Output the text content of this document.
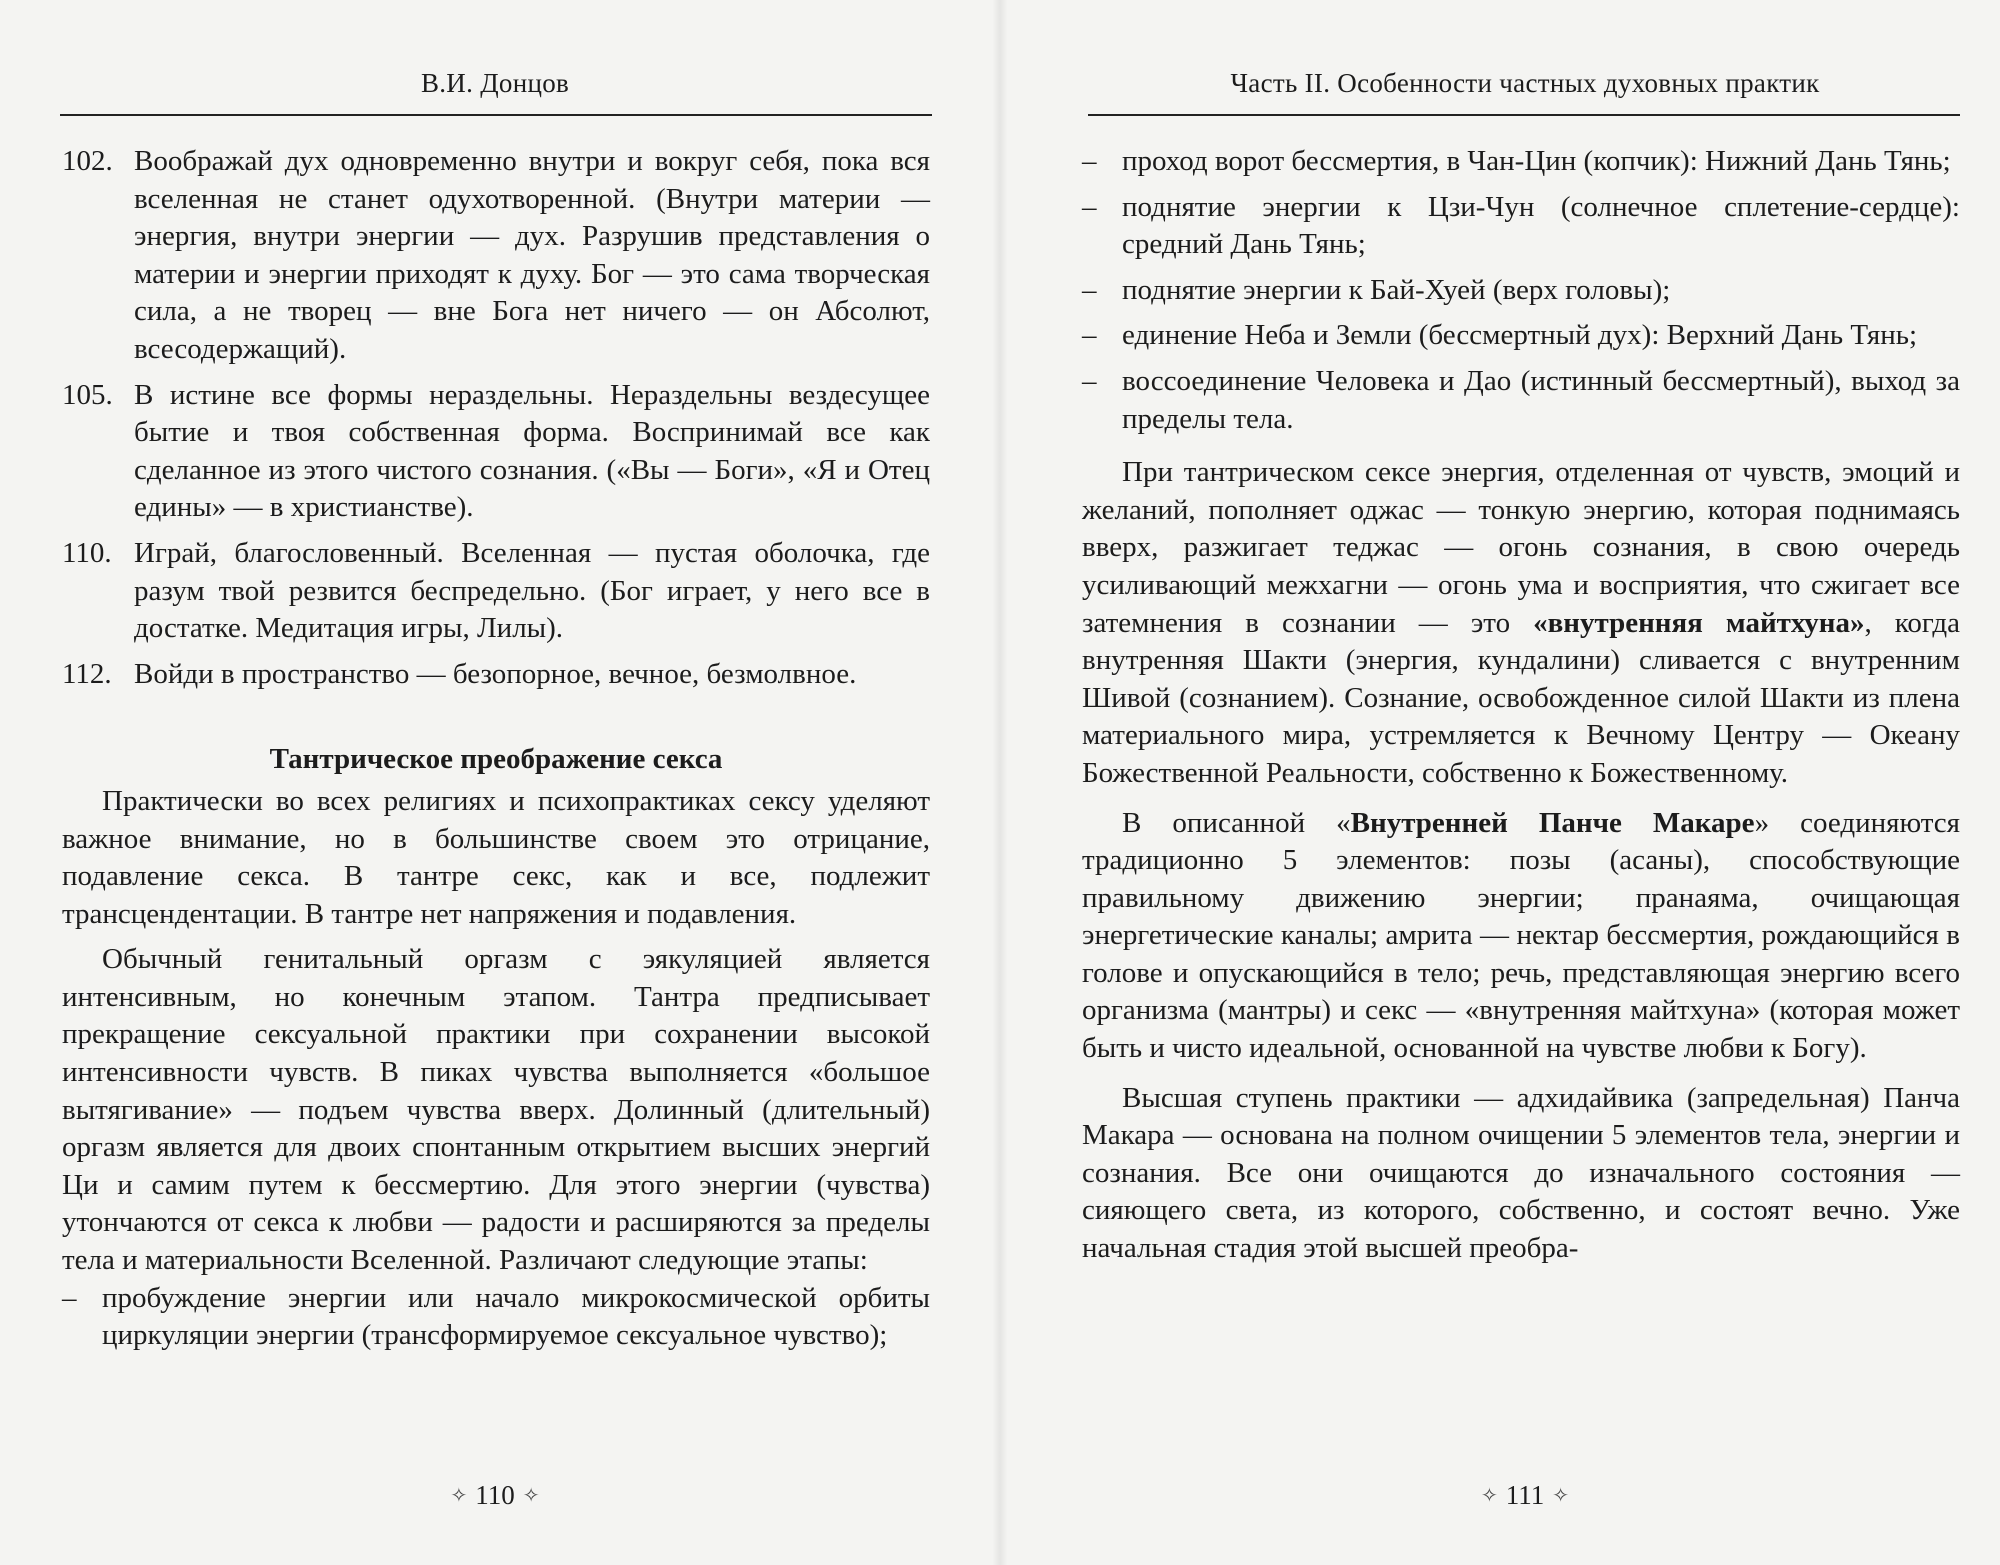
В.И. Донцов
102. Воображай дух одновременно внутри и вокруг себя, пока вся вселенная не станет одухотворенной. (Внутри материи — энергия, внутри энергии — дух. Разрушив представления о материи и энергии приходят к духу. Бог — это сама творческая сила, а не творец — вне Бога нет ничего — он Абсолют, всесодержащий).
105. В истине все формы нераздельны. Нераздельны вездесущее бытие и твоя собственная форма. Воспринимай все как сделанное из этого чистого сознания. («Вы — Боги», «Я и Отец едины» — в христианстве).
110. Играй, благословенный. Вселенная — пустая оболочка, где разум твой резвится беспредельно. (Бог играет, у него все в достатке. Медитация игры, Лилы).
112. Войди в пространство — безопорное, вечное, безмолвное.
Тантрическое преображение секса

Практически во всех религиях и психопрактиках сексу уделяют важное внимание, но в большинстве своем это отрицание, подавление секса. В тантре секс, как и все, подлежит трансцендентации. В тантре нет напряжения и подавления.

Обычный генитальный оргазм с эякуляцией является интенсивным, но конечным этапом. Тантра предписывает прекращение сексуальной практики при сохранении высокой интенсивности чувств. В пиках чувства выполняется «большое вытягивание» — подъем чувства вверх. Долинный (длительный) оргазм является для двоих спонтанным открытием высших энергий Ци и самим путем к бессмертию. Для этого энергии (чувства) утончаются от секса к любви — радости и расширяются за пределы тела и материальности Вселенной. Различают следующие этапы:

– пробуждение энергии или начало микрокосмической орбиты циркуляции энергии (трансформируемое сексуальное чувство);
✧ 110 ✧
Часть II. Особенности частных духовных практик
– проход ворот бессмертия, в Чан-Цин (копчик): Нижний Дань Тянь;
– поднятие энергии к Цзи-Чун (солнечное сплетение-сердце): средний Дань Тянь;
– поднятие энергии к Бай-Хуей (верх головы);
– единение Неба и Земли (бессмертный дух): Верхний Дань Тянь;
– воссоединение Человека и Дао (истинный бессмертный), выход за пределы тела.

При тантрическом сексе энергия, отделенная от чувств, эмоций и желаний, пополняет оджас — тонкую энергию, которая поднимаясь вверх, разжигает теджас — огонь сознания, в свою очередь усиливающий межхагни — огонь ума и восприятия, что сжигает все затемнения в сознании — это «внутренняя майтхуна», когда внутренняя Шакти (энергия, кундалини) сливается с внутренним Шивой (сознанием). Сознание, освобожденное силой Шакти из плена материального мира, устремляется к Вечному Центру — Океану Божественной Реальности, собственно к Божественному.

В описанной «Внутренней Панче Макаре» соединяются традиционно 5 элементов: позы (асаны), способствующие правильному движению энергии; пранаяма, очищающая энергетические каналы; амрита — нектар бессмертия, рождающийся в голове и опускающийся в тело; речь, представляющая энергию всего организма (мантры) и секс — «внутренняя майтхуна» (которая может быть и чисто идеальной, основанной на чувстве любви к Богу).

Высшая ступень практики — адхидайвика (запредельная) Панча Макара — основана на полном очищении 5 элементов тела, энергии и сознания. Все они очищаются до изначального состояния — сияющего света, из которого, собственно, и состоят вечно. Уже начальная стадия этой высшей преобра-

✧ 111 ✧
